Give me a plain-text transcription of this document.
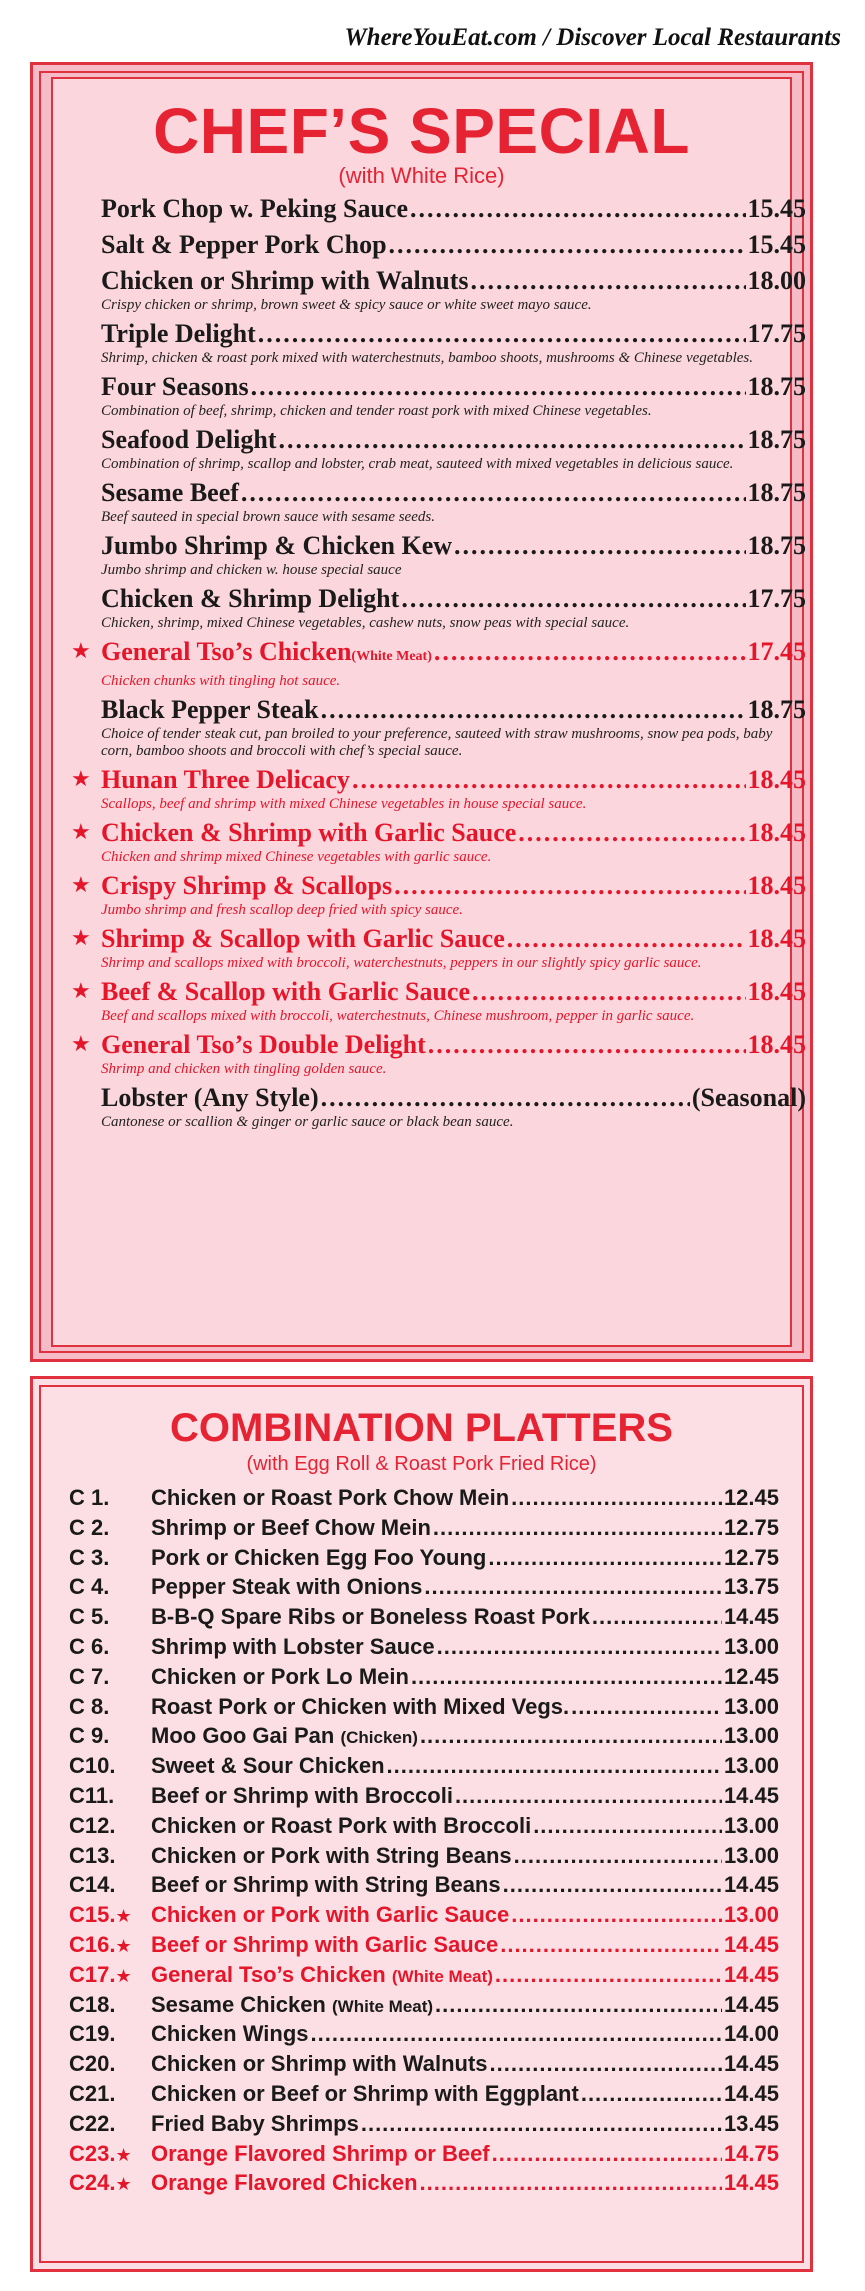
WhereYouEat.com / Discover Local Restaurants
CHEF’S SPECIAL
(with White Rice)
Pork Chop w. Peking Sauce .....	15.45
Salt & Pepper Pork Chop .....	15.45
Chicken or Shrimp with Walnuts .....	18.00
Crispy chicken or shrimp, brown sweet & spicy sauce or white sweet mayo sauce.
Triple Delight .....	17.75
Shrimp, chicken & roast pork mixed with waterchestnuts, bamboo shoots, mushrooms & Chinese vegetables.
Four Seasons .....	18.75
Combination of beef, shrimp, chicken and tender roast pork with mixed Chinese vegetables.
Seafood Delight .....	18.75
Combination of shrimp, scallop and lobster, crab meat, sauteed with mixed vegetables in delicious sauce.
Sesame Beef .....	18.75
Beef sauteed in special brown sauce with sesame seeds.
Jumbo Shrimp & Chicken Kew .....	18.75
Jumbo shrimp and chicken w. house special sauce
Chicken & Shrimp Delight .....	17.75
Chicken, shrimp, mixed Chinese vegetables, cashew nuts, snow peas with special sauce.
★ General Tso’s Chicken (White Meat) .....	17.45
Chicken chunks with tingling hot sauce.
Black Pepper Steak .....	18.75
Choice of tender steak cut, pan broiled to your preference, sauteed with straw mushrooms, snow pea pods, baby corn, bamboo shoots and broccoli with chef’s special sauce.
★ Hunan Three Delicacy .....	18.45
Scallops, beef and shrimp with mixed Chinese vegetables in house special sauce.
★ Chicken & Shrimp with Garlic Sauce .....	18.45
Chicken and shrimp mixed Chinese vegetables with garlic sauce.
★ Crispy Shrimp & Scallops .....	18.45
Jumbo shrimp and fresh scallop deep fried with spicy sauce.
★ Shrimp & Scallop with Garlic Sauce .....	18.45
Shrimp and scallops mixed with broccoli, waterchestnuts, peppers in our slightly spicy garlic sauce.
★ Beef & Scallop with Garlic Sauce .....	18.45
Beef and scallops mixed with broccoli, waterchestnuts, Chinese mushroom, pepper in garlic sauce.
★ General Tso’s Double Delight .....	18.45
Shrimp and chicken with tingling golden sauce.
Lobster (Any Style) .....	(Seasonal)
Cantonese or scallion & ginger or garlic sauce or black bean sauce.
COMBINATION PLATTERS
(with Egg Roll & Roast Pork Fried Rice)
C 1.	Chicken or Roast Pork Chow Mein .....	12.45
C 2.	Shrimp or Beef Chow Mein .....	12.75
C 3.	Pork or Chicken Egg Foo Young .....	12.75
C 4.	Pepper Steak with Onions .....	13.75
C 5.	B-B-Q Spare Ribs or Boneless Roast Pork .....	14.45
C 6.	Shrimp with Lobster Sauce .....	13.00
C 7.	Chicken or Pork Lo Mein .....	12.45
C 8.	Roast Pork or Chicken with Mixed Vegs. .....	13.00
C 9.	Moo Goo Gai Pan
(Chicken) .....	13.00
C10.	Sweet & Sour Chicken .....	13.00
C11.	Beef or Shrimp with Broccoli .....	14.45
C12.	Chicken or Roast Pork with Broccoli .....	13.00
C13.	Chicken or Pork with String Beans .....	13.00
C14.	Beef or Shrimp with String Beans .....	14.45
C15.★ Chicken or Pork with Garlic Sauce .....	13.00
C16.★ Beef or Shrimp with Garlic Sauce .....	14.45
C17.★ General Tso’s Chicken
(White Meat) .....	14.45
C18.	Sesame Chicken
(White Meat) .....	14.45
C19.	Chicken Wings .....	14.00
C20.	Chicken or Shrimp with Walnuts .....	14.45
C21.	Chicken or Beef or Shrimp with Eggplant .....	14.45
C22.	Fried Baby Shrimps .....	13.45
C23.★ Orange Flavored Shrimp or Beef .....	14.75
C24.★ Orange Flavored Chicken .....	14.45
